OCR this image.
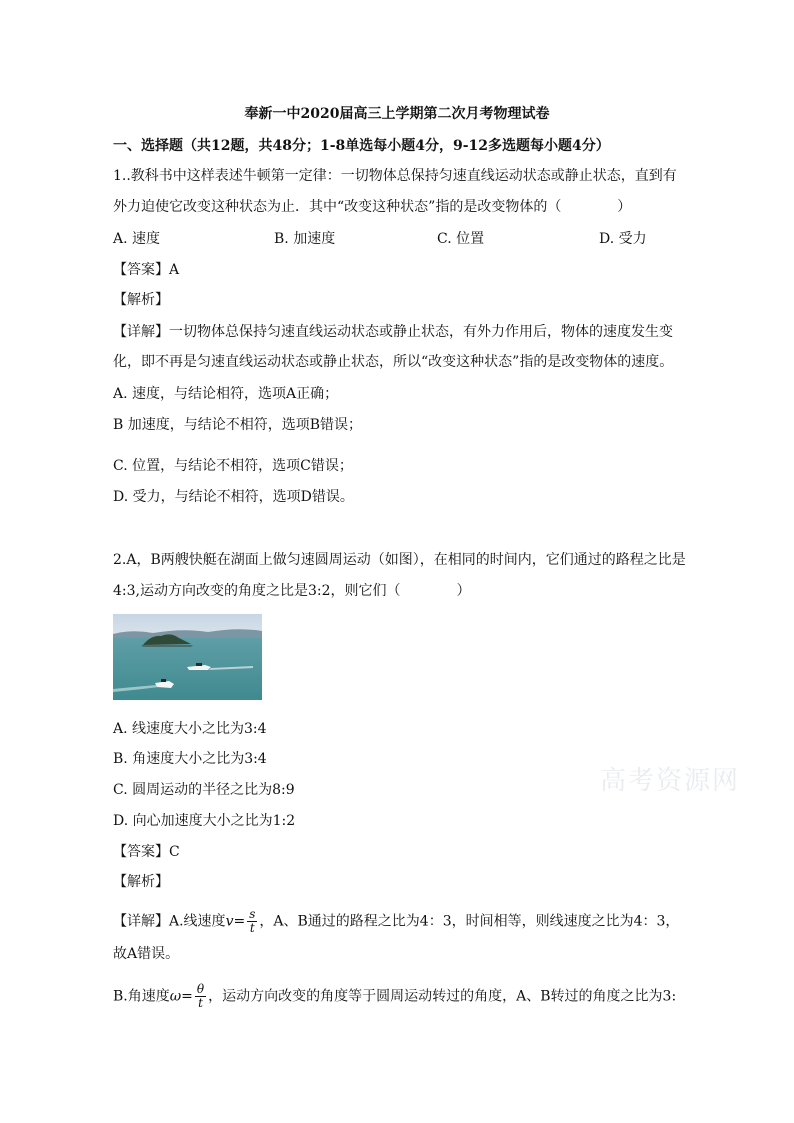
奉新一中2020届高三上学期第二次月考物理试卷
一、选择题（共12题，共48分；1-8单选每小题4分，9-12多选题每小题4分）
1..教科书中这样表述牛顿第一定律：一切物体总保持匀速直线运动状态或静止状态，直到有
外力迫使它改变这种状态为止．其中“改变这种状态”指的是改变物体的（　　　　）
A. 速度	B. 加速度	C. 位置	D. 受力
【答案】A
【解析】
【详解】一切物体总保持匀速直线运动状态或静止状态，有外力作用后，物体的速度发生变
化，即不再是匀速直线运动状态或静止状态，所以“改变这种状态”指的是改变物体的速度。
A. 速度，与结论相符，选项A正确；
B 加速度，与结论不相符，选项B错误；
C. 位置，与结论不相符，选项C错误；
D. 受力，与结论不相符，选项D错误。
2.A，B两艘快艇在湖面上做匀速圆周运动（如图），在相同的时间内，它们通过的路程之比是
4:3,运动方向改变的角度之比是3:2，则它们（　　　　）
A. 线速度大小之比为3:4
B. 角速度大小之比为3:4
C. 圆周运动的半径之比为8:9
D. 向心加速度大小之比为1:2
【答案】C
【解析】
【详解】A.线速度$v= \frac{s}{t}$ ，A、B通过的路程之比为4：3，时间相等，则线速度之比为4：3，
故A错误。
B.角速度$\omega= \frac{\theta}{t}$ ，运动方向改变的角度等于圆周运动转过的角度，A、B转过的角度之比为3:
高考资源网
